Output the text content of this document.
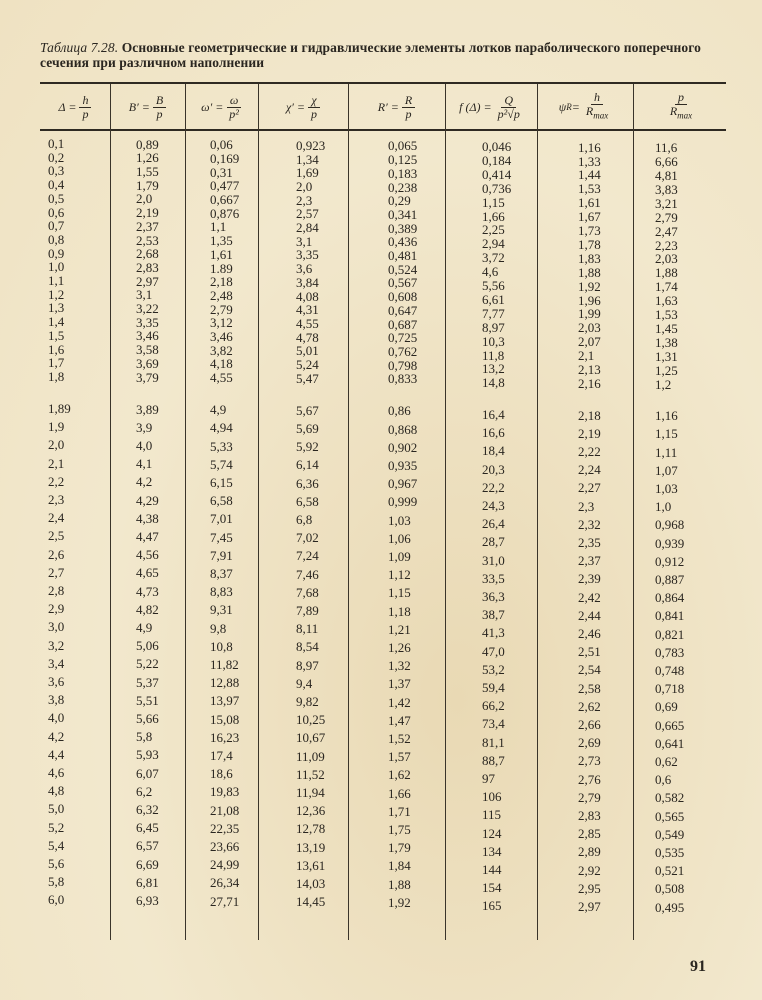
Таблица 7.28. Основные геометрические и гидравлические элементы лотков параболического поперечного сечения при различном наполнении
$\Delta = \frac{h}{p}$	$B' = \frac{B}{p}$	$\omega' = \frac{\omega}{\text{p²}}$	$\chi' = \frac{\chi}{p}$	$R' = \frac{R}{p}$	f $(\Delta) = \frac{Q}{\text{p²√p}}$	ψ $R = \frac{h}{R_{max}}$	$\frac{p}{R_{max}}$
0,1	0,89	0,06	0,923	0,065	0,046	1,16	11,6
0,2	1,26	0,169	1,34	0,125	0,184	1,33	6,66
0,3	1,55	0,31	1,69	0,183	0,414	1,44	4,81
0,4	1,79	0,477	2,0	0,238	0,736	1,53	3,83
0,5	2,0	0,667	2,3	0,29	1,15	1,61	3,21
0,6	2,19	0,876	2,57	0,341	1,66	1,67	2,79
0,7	2,37	1,1	2,84	0,389	2,25	1,73	2,47
0,8	2,53	1,35	3,1	0,436	2,94	1,78	2,23
0,9	2,68	1,61	3,35	0,481	3,72	1,83	2,03
1,0	2,83	1.89	3,6	0,524	4,6	1,88	1,88
1,1	2,97	2,18	3,84	0,567	5,56	1,92	1,74
1,2	3,1	2,48	4,08	0,608	6,61	1,96	1,63
1,3	3,22	2,79	4,31	0,647	7,77	1,99	1,53
1,4	3,35	3,12	4,55	0,687	8,97	2,03	1,45
1,5	3,46	3,46	4,78	0,725	10,3	2,07	1,38
1,6	3,58	3,82	5,01	0,762	11,8	2,1	1,31
1,7	3,69	4,18	5,24	0,798	13,2	2,13	1,25
1,8	3,79	4,55	5,47	0,833	14,8	2,16	1,2
1,89	3,89	4,9	5,67	0,86	16,4	2,18	1,16
1,9	3,9	4,94	5,69	0,868	16,6	2,19	1,15
2,0	4,0	5,33	5,92	0,902	18,4	2,22	1,11
2,1	4,1	5,74	6,14	0,935	20,3	2,24	1,07
2,2	4,2	6,15	6,36	0,967	22,2	2,27	1,03
2,3	4,29	6,58	6,58	0,999	24,3	2,3	1,0
2,4	4,38	7,01	6,8	1,03	26,4	2,32	0,968
2,5	4,47	7,45	7,02	1,06	28,7	2,35	0,939
2,6	4,56	7,91	7,24	1,09	31,0	2,37	0,912
2,7	4,65	8,37	7,46	1,12	33,5	2,39	0,887
2,8	4,73	8,83	7,68	1,15	36,3	2,42	0,864
2,9	4,82	9,31	7,89	1,18	38,7	2,44	0,841
3,0	4,9	9,8	8,11	1,21	41,3	2,46	0,821
3,2	5,06	10,8	8,54	1,26	47,0	2,51	0,783
3,4	5,22	11,82	8,97	1,32	53,2	2,54	0,748
3,6	5,37	12,88	9,4	1,37	59,4	2,58	0,718
3,8	5,51	13,97	9,82	1,42	66,2	2,62	0,69
4,0	5,66	15,08	10,25	1,47	73,4	2,66	0,665
4,2	5,8	16,23	10,67	1,52	81,1	2,69	0,641
4,4	5,93	17,4	11,09	1,57	88,7	2,73	0,62
4,6	6,07	18,6	11,52	1,62	97	2,76	0,6
4,8	6,2	19,83	11,94	1,66	106	2,79	0,582
5,0	6,32	21,08	12,36	1,71	115	2,83	0,565
5,2	6,45	22,35	12,78	1,75	124	2,85	0,549
5,4	6,57	23,66	13,19	1,79	134	2,89	0,535
5,6	6,69	24,99	13,61	1,84	144	2,92	0,521
5,8	6,81	26,34	14,03	1,88	154	2,95	0,508
6,0	6,93	27,71	14,45	1,92	165	2,97	0,495
91
